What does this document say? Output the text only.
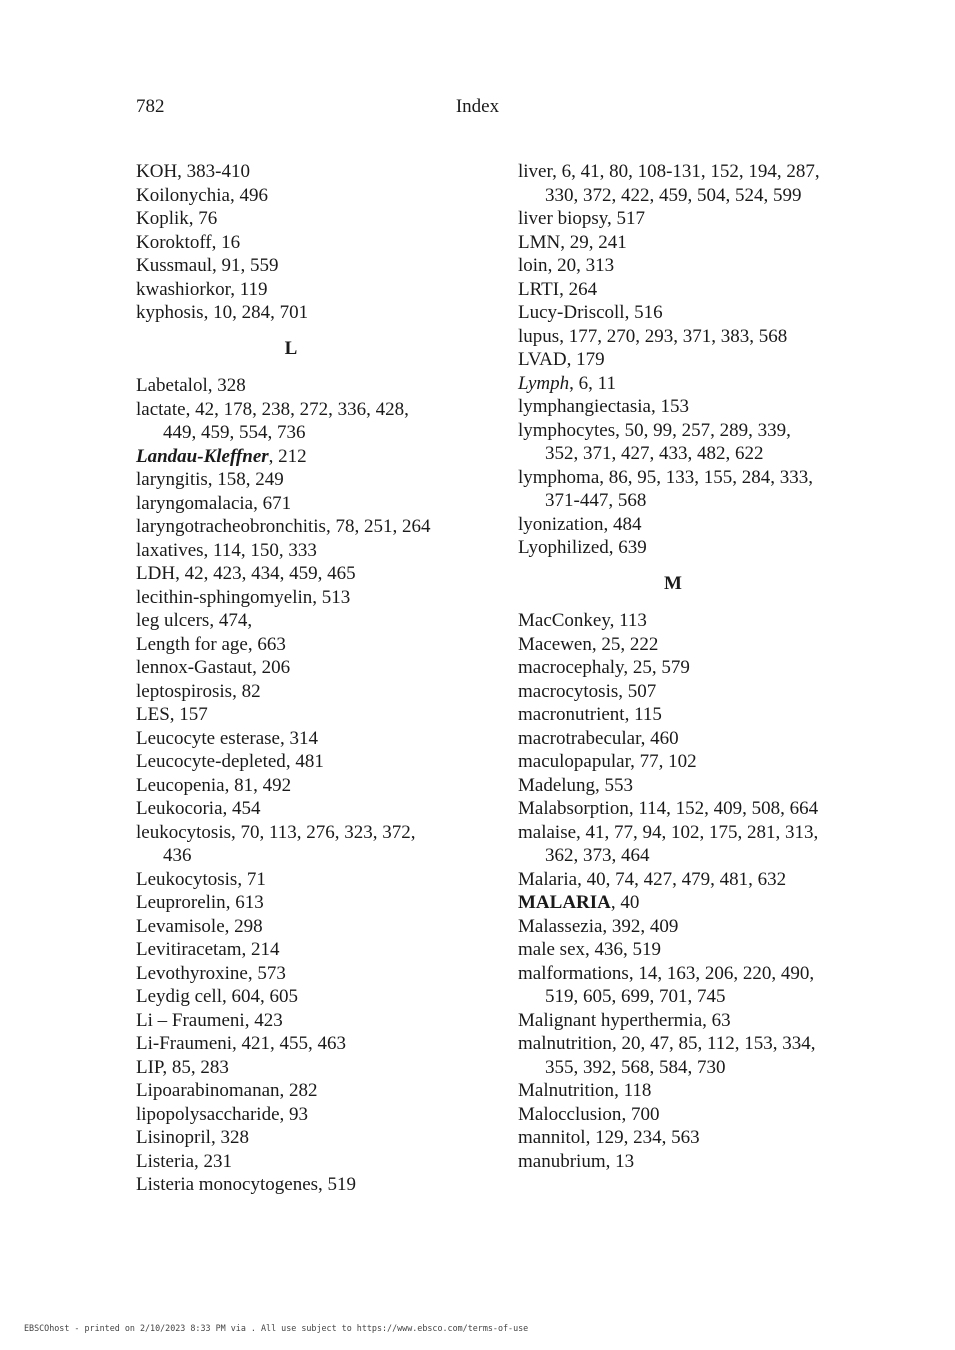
782	Index

KOH, 383-410

Koilonychia, 496

Koplik, 76

Koroktoff, 16

Kussmaul, 91, 559

kwashiorkor, 119

kyphosis, 10, 284, 701

L

Labetalol, 328

lactate, 42, 178, 238, 272, 336, 428, 449, 459, 554, 736

Landau-Kleffner, 212

laryngitis, 158, 249

laryngomalacia, 671

laryngotracheobronchitis, 78, 251, 264

laxatives, 114, 150, 333

LDH, 42, 423, 434, 459, 465

lecithin-sphingomyelin, 513

leg ulcers, 474,

Length for age, 663

lennox-Gastaut, 206

leptospirosis, 82

LES, 157

Leucocyte esterase, 314

Leucocyte-depleted, 481

Leucopenia, 81, 492

Leukocoria, 454

leukocytosis, 70, 113, 276, 323, 372, 436

Leukocytosis, 71

Leuprorelin, 613

Levamisole, 298

Levitiracetam, 214

Levothyroxine, 573

Leydig cell, 604, 605

Li – Fraumeni, 423

Li-Fraumeni, 421, 455, 463

LIP, 85, 283

Lipoarabinomanan, 282

lipopolysaccharide, 93

Lisinopril, 328

Listeria, 231

Listeria monocytogenes, 519

liver, 6, 41, 80, 108-131, 152, 194, 287, 330, 372, 422, 459, 504, 524, 599

liver biopsy, 517

LMN, 29, 241

loin, 20, 313

LRTI, 264

Lucy-Driscoll, 516

lupus, 177, 270, 293, 371, 383, 568

LVAD, 179

Lymph, 6, 11

lymphangiectasia, 153

lymphocytes, 50, 99, 257, 289, 339, 352, 371, 427, 433, 482, 622

lymphoma, 86, 95, 133, 155, 284, 333, 371-447, 568

lyonization, 484

Lyophilized, 639

M

MacConkey, 113

Macewen, 25, 222

macrocephaly, 25, 579

macrocytosis, 507

macronutrient, 115

macrotrabecular, 460

maculopapular, 77, 102

Madelung, 553

Malabsorption, 114, 152, 409, 508, 664

malaise, 41, 77, 94, 102, 175, 281, 313, 362, 373, 464

Malaria, 40, 74, 427, 479, 481, 632

MALARIA, 40

Malassezia, 392, 409

male sex, 436, 519

malformations, 14, 163, 206, 220, 490, 519, 605, 699, 701, 745

Malignant hyperthermia, 63

malnutrition, 20, 47, 85, 112, 153, 334, 355, 392, 568, 584, 730

Malnutrition, 118

Malocclusion, 700

mannitol, 129, 234, 563

manubrium, 13

EBSCOhost - printed on 2/10/2023 8:33 PM via . All use subject to https://www.ebsco.com/terms-of-use
